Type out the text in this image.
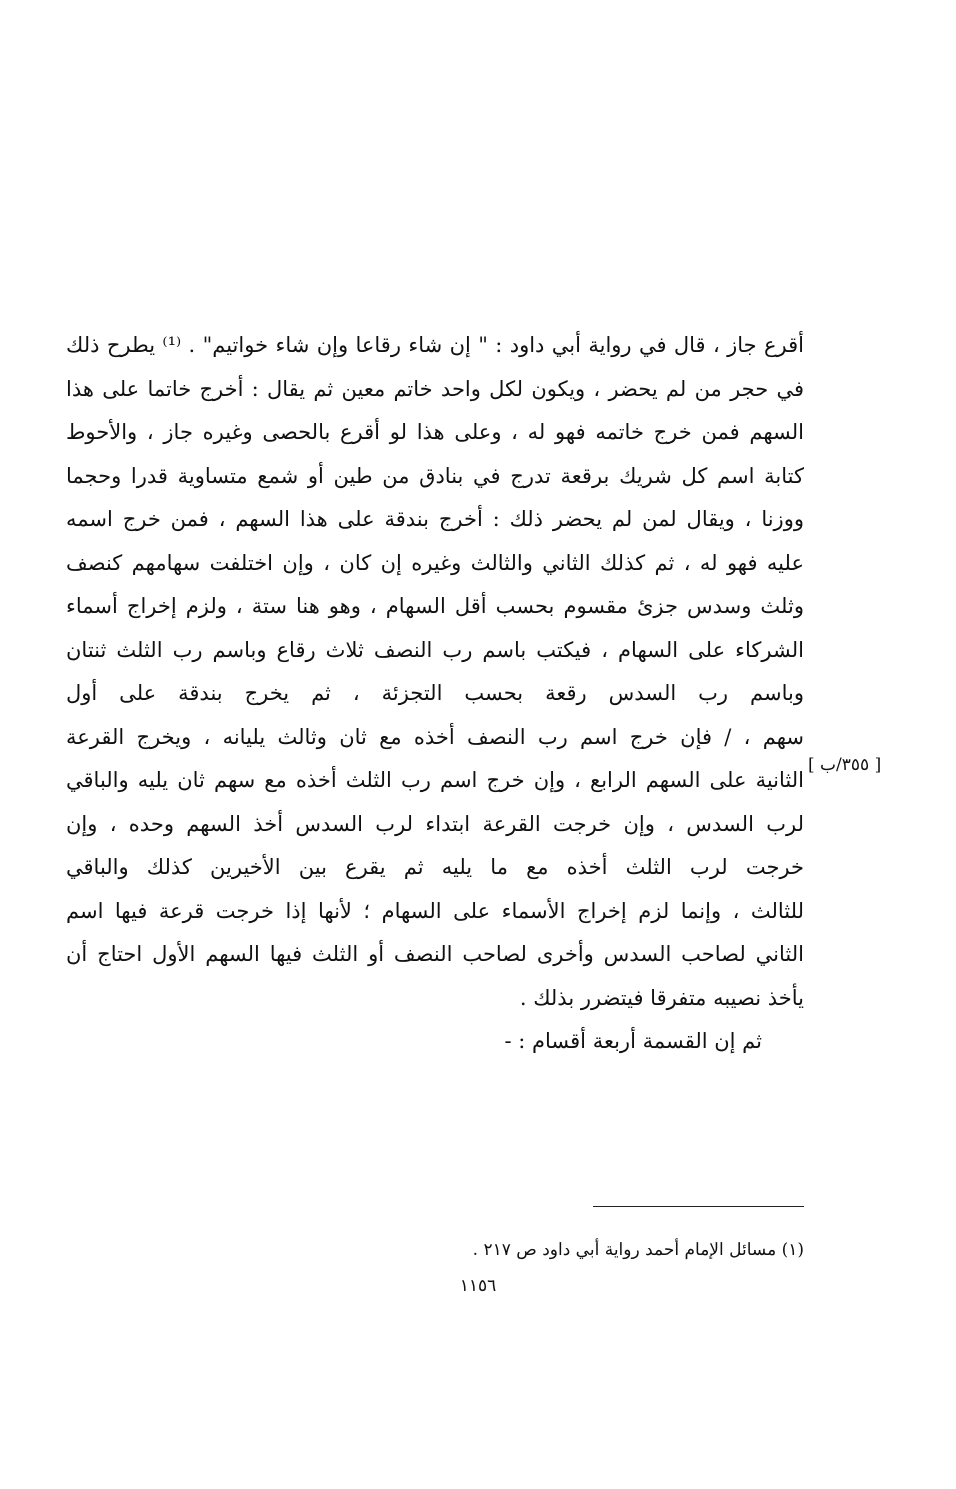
أقرع جاز ، قال في رواية أبي داود : " إن شاء رقاعا وإن شاء خواتيم" . ⁽¹⁾ يطرح ذلك
في حجر من لم يحضر ، ويكون لكل واحد خاتم معين ثم يقال : أخرج خاتما على هذا
السهم فمن خرج خاتمه فهو له ، وعلى هذا لو أقرع بالحصى وغيره جاز ، والأحوط
كتابة اسم كل شريك برقعة تدرج في بنادق من طين أو شمع متساوية قدرا وحجما
ووزنا ، ويقال لمن لم يحضر ذلك : أخرج بندقة على هذا السهم ، فمن خرج اسمه
عليه فهو له ، ثم كذلك الثاني والثالث وغيره إن كان ، وإن اختلفت سهامهم كنصف
وثلث وسدس جزئ مقسوم بحسب أقل السهام ، وهو هنا ستة ، ولزم إخراج أسماء
الشركاء على السهام ، فيكتب باسم رب النصف ثلاث رقاع وباسم رب الثلث ثنتان
وباسم رب السدس رقعة بحسب التجزئة ، ثم يخرج بندقة على أول
سهم ، / فإن خرج اسم رب النصف أخذه مع ثان وثالث يليانه ، ويخرج القرعة
الثانية على السهم الرابع ، وإن خرج اسم رب الثلث أخذه مع سهم ثان يليه والباقي
لرب السدس ، وإن خرجت القرعة ابتداء لرب السدس أخذ السهم وحده ، وإن
خرجت لرب الثلث أخذه مع ما يليه ثم يقرع بين الأخيرين كذلك والباقي
للثالث ، وإنما لزم إخراج الأسماء على السهام ؛ لأنها إذا خرجت قرعة فيها اسم
الثاني لصاحب السدس وأخرى لصاحب النصف أو الثلث فيها السهم الأول احتاج أن
يأخذ نصيبه متفرقا فيتضرر بذلك .
ثم إن القسمة أربعة أقسام : -
[ ٣٥٥/ب ]
(١) مسائل الإمام أحمد رواية أبي داود ص ٢١٧ .
١١٥٦
